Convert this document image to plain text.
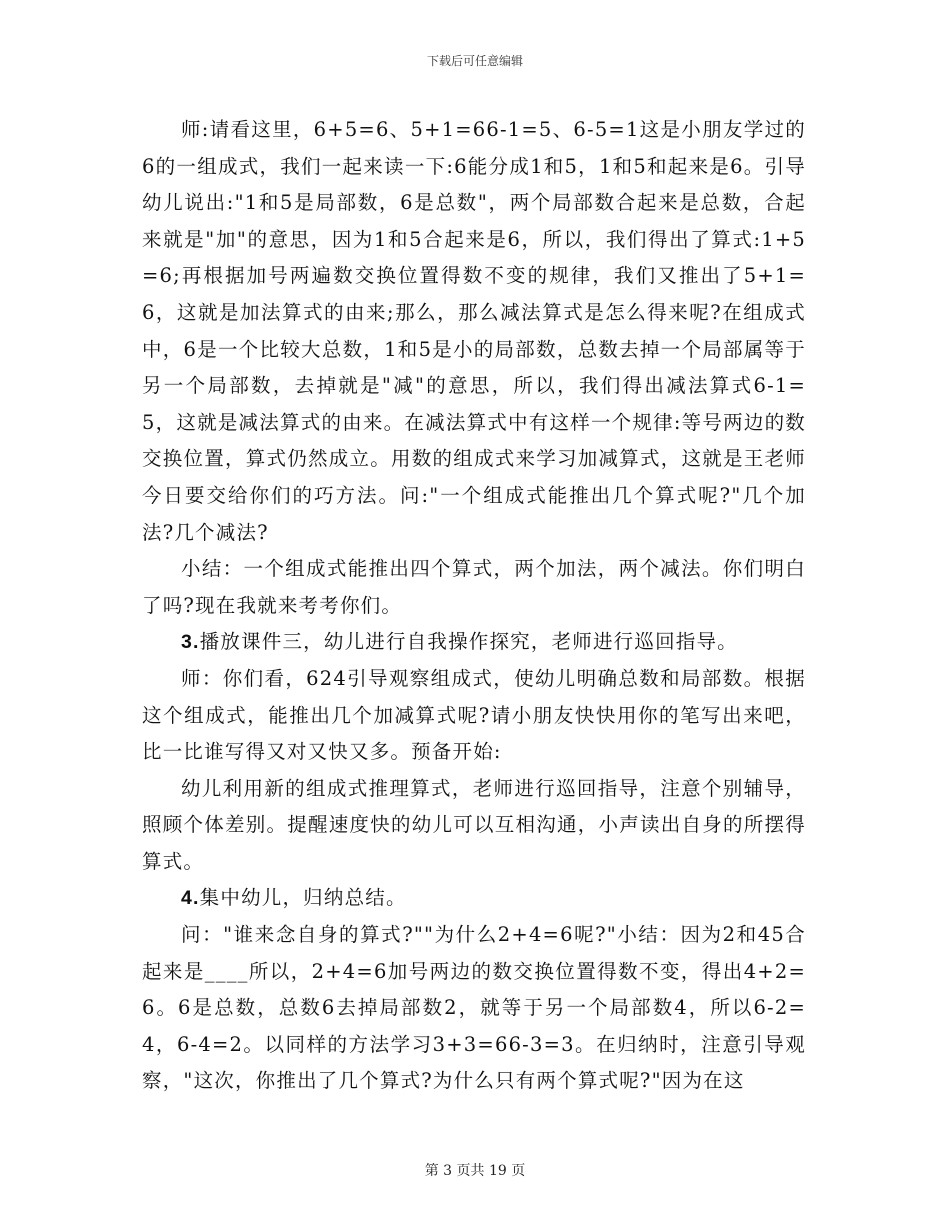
下载后可任意编辑

师:请看这里，6+5=6、5+1=66-1=5、6-5=1这是小朋友学过的6的一组成式，我们一起来读一下:6能分成1和5，1和5和起来是6。引导幼儿说出:"1和5是局部数，6是总数"，两个局部数合起来是总数，合起来就是"加"的意思，因为1和5合起来是6，所以，我们得出了算式:1+5=6;再根据加号两遍数交换位置得数不变的规律，我们又推出了5+1=6，这就是加法算式的由来;那么，那么减法算式是怎么得来呢?在组成式中，6是一个比较大总数，1和5是小的局部数，总数去掉一个局部属等于另一个局部数，去掉就是"减"的意思，所以，我们得出减法算式6-1=5，这就是减法算式的由来。在减法算式中有这样一个规律:等号两边的数交换位置，算式仍然成立。用数的组成式来学习加减算式，这就是王老师今日要交给你们的巧方法。问:"一个组成式能推出几个算式呢?"几个加法?几个减法?

小结：一个组成式能推出四个算式，两个加法，两个减法。你们明白了吗?现在我就来考考你们。

3.播放课件三，幼儿进行自我操作探究，老师进行巡回指导。

师：你们看，624引导观察组成式，使幼儿明确总数和局部数。根据这个组成式，能推出几个加减算式呢?请小朋友快快用你的笔写出来吧，比一比谁写得又对又快又多。预备开始:

幼儿利用新的组成式推理算式，老师进行巡回指导，注意个别辅导，照顾个体差别。提醒速度快的幼儿可以互相沟通，小声读出自身的所摆得算式。

4.集中幼儿，归纳总结。

问："谁来念自身的算式?""为什么2+4=6呢?"小结：因为2和45合起来是____所以，2+4=6加号两边的数交换位置得数不变，得出4+2=6。6是总数，总数6去掉局部数2，就等于另一个局部数4，所以6-2=4，6-4=2。以同样的方法学习3+3=66-3=3。在归纳时，注意引导观察，"这次，你推出了几个算式?为什么只有两个算式呢?"因为在这

第 3 页共 19 页
